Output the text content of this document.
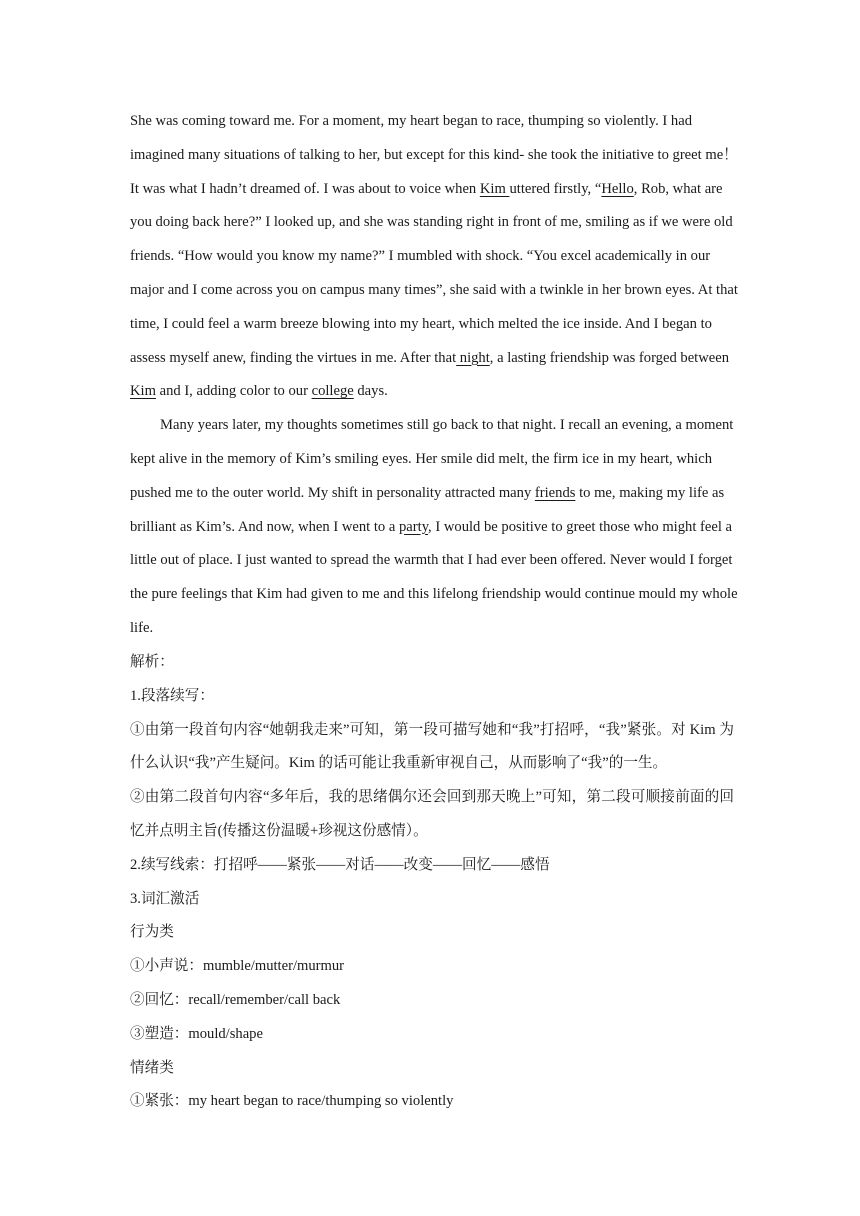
She was coming toward me. For a moment, my heart began to race, thumping so violently. I had imagined many situations of talking to her, but except for this kind- she took the initiative to greet me！ It was what I hadn’t dreamed of. I was about to voice when Kim uttered firstly, “Hello, Rob, what are you doing back here?” I looked up, and she was standing right in front of me, smiling as if we were old friends. “How would you know my name?” I mumbled with shock. “You excel academically in our major and I come across you on campus many times”, she said with a twinkle in her brown eyes. At that time, I could feel a warm breeze blowing into my heart, which melted the ice inside. And I began to assess myself anew, finding the virtues in me. After that night, a lasting friendship was forged between Kim and I, adding color to our college days.

Many years later, my thoughts sometimes still go back to that night. I recall an evening, a moment kept alive in the memory of Kim’s smiling eyes. Her smile did melt, the firm ice in my heart, which pushed me to the outer world. My shift in personality attracted many friends to me, making my life as brilliant as Kim’s. And now, when I went to a party, I would be positive to greet those who might feel a little out of place. I just wanted to spread the warmth that I had ever been offered. Never would I forget the pure feelings that Kim had given to me and this lifelong friendship would continue mould my whole life.

解析：

1.段落续写：

①由第一段首句内容“她朝我走来”可知，第一段可描写她和“我”打招呼，“我”紧张。对 Kim 为什么认识“我”产生疑问。Kim 的话可能让我重新审视自己，从而影响了“我”的一生。

②由第二段首句内容“多年后，我的思绪偶尔还会回到那天晚上”可知，第二段可顺接前面的回忆并点明主旨(传播这份温暖+珍视这份感情）。

2.续写线索：打招呼——紧张——对话——改变——回忆——感悟

3.词汇激活

行为类

①小声说：mumble/mutter/murmur

②回忆：recall/remember/call back

③塑造：mould/shape

情绪类

①紧张：my heart began to race/thumping so violently
